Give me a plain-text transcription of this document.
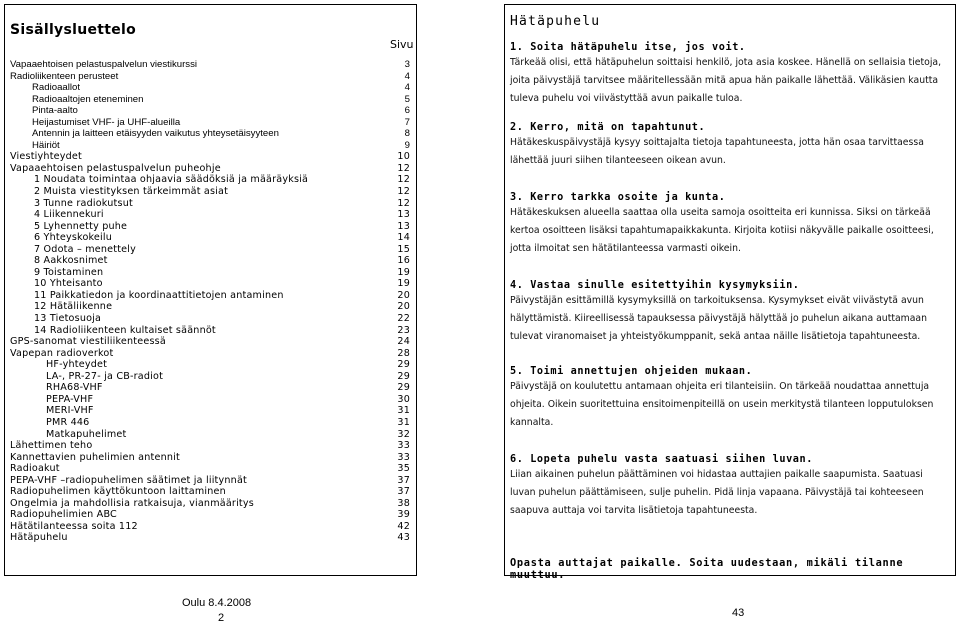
Sisällysluettelo
Sivu
Vapaaehtoisen pelastuspalvelun viestikurssi	3
Radioliikenteen perusteet	4
Radioaallot	4
Radioaaltojen eteneminen	5
Pinta-aalto	6
Heijastumiset VHF- ja UHF-alueilla	7
Antennin ja laitteen etäisyyden vaikutus yhteysetäisyyteen	8
Häiriöt	9
Viestiyhteydet	10
Vapaaehtoisen pelastuspalvelun puheohje	12
1 Noudata toimintaa ohjaavia säädöksiä ja määräyksiä	12
2 Muista viestityksen tärkeimmät asiat	12
3 Tunne radiokutsut	12
4 Liikennekuri	13
5 Lyhennetty puhe	13
6 Yhteyskokeilu	14
7 Odota – menettely	15
8 Aakkosnimet	16
9 Toistaminen	19
10 Yhteisanto	19
11 Paikkatiedon ja koordinaattitietojen antaminen	20
12 Hätäliikenne	20
13 Tietosuoja	22
14 Radioliikenteen kultaiset säännöt	23
GPS-sanomat viestiliikenteessä	24
Vapepan radioverkot	28
HF-yhteydet	29
LA-, PR-27- ja CB-radiot	29
RHA68-VHF	29
PEPA-VHF	30
MERI-VHF	31
PMR 446	31
Matkapuhelimet	32
Lähettimen teho	33
Kannettavien puhelimien antennit	33
Radioakut	35
PEPA-VHF –radiopuhelimen säätimet ja liitynnät	37
Radiopuhelimen käyttökuntoon laittaminen	37
Ongelmia ja mahdollisia ratkaisuja, vianmääritys	38
Radiopuhelimien ABC	39
Hätätilanteessa soita 112	42
Hätäpuhelu	43
Oulu 8.4.2008
2
Hätäpuhelu

1. Soita hätäpuhelu itse, jos voit.

Tärkeää olisi, että hätäpuhelun soittaisi henkilö, jota asia koskee. Hänellä on sellaisia tietoja, joita päivystäjä tarvitsee määritellessään mitä apua hän paikalle lähettää. Välikäsien kautta tuleva puhelu voi viivästyttää avun paikalle tuloa.

2. Kerro, mitä on tapahtunut.

Hätäkeskuspäivystäjä kysyy soittajalta tietoja tapahtuneesta, jotta hän osaa tarvittaessa lähettää juuri siihen tilanteeseen oikean avun.

3. Kerro tarkka osoite ja kunta.

Hätäkeskuksen alueella saattaa olla useita samoja osoitteita eri kunnissa. Siksi on tärkeää kertoa osoitteen lisäksi tapahtumapaikkakunta. Kirjoita kotiisi näkyvälle paikalle osoitteesi, jotta ilmoitat sen hätätilanteessa varmasti oikein.

4. Vastaa sinulle esitettyihin kysymyksiin.

Päivystäjän esittämillä kysymyksillä on tarkoituksensa. Kysymykset eivät viivästytä avun hälyttämistä. Kiireellisessä tapauksessa päivystäjä hälyttää jo puhelun aikana auttamaan tulevat viranomaiset ja yhteistyökumppanit, sekä antaa näille lisätietoja tapahtuneesta.

5. Toimi annettujen ohjeiden mukaan.

Päivystäjä on koulutettu antamaan ohjeita eri tilanteisiin. On tärkeää noudattaa annettuja ohjeita. Oikein suoritettuina ensitoimenpiteillä on usein merkitystä tilanteen lopputuloksen kannalta.

6. Lopeta puhelu vasta saatuasi siihen luvan.

Liian aikainen puhelun päättäminen voi hidastaa auttajien paikalle saapumista. Saatuasi luvan puhelun päättämiseen, sulje puhelin. Pidä linja vapaana. Päivystäjä tai kohteeseen saapuva auttaja voi tarvita lisätietoja tapahtuneesta.

Opasta auttajat paikalle. Soita uudestaan, mikäli tilanne muuttuu.
43
